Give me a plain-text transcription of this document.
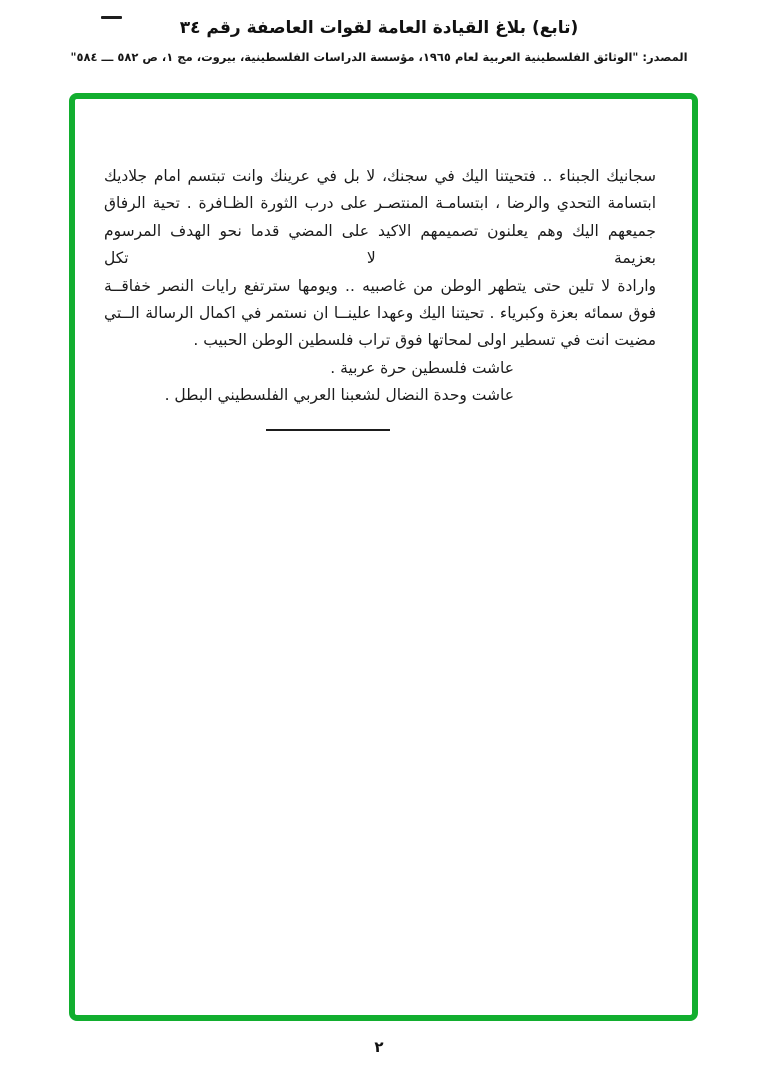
(تابع) بلاغ القيادة العامة لقوات العاصفة رقم ٣٤
المصدر: "الوثائق الفلسطينية العربية لعام ١٩٦٥، مؤسسة الدراسات الفلسطينية، بيروت، مج ١، ص ٥٨٢ ـــ ٥٨٤"
سجانيك الجبناء .. فتحيتنا اليك في سجنك، لا بل في عرينك وانت تبتسم امام جلاديك
ابتسامة التحدي والرضا ، ابتسامـة المنتصـر على درب الثورة الظـافرة . تحية الرفاق
جميعهم اليك وهم يعلنون تصميمهم الاكيد على المضي قدما نحو الهدف المرسوم بعزيمة لا تكل
وارادة لا تلين حتى يتطهر الوطن من غاصبيه .. ويومها سترتفع رايات النصر خفاقــة
فوق سمائه بعزة وكبرياء . تحيتنا اليك وعهدا علينــا ان نستمر في اكمال الرسالة الــتي
مضيت انت في تسطير اولى لمحاتها فوق تراب فلسطين الوطن الحبيب .
عاشت فلسطين حرة عربية .
عاشت وحدة النضال لشعبنا العربي الفلسطيني البطل .
٢
